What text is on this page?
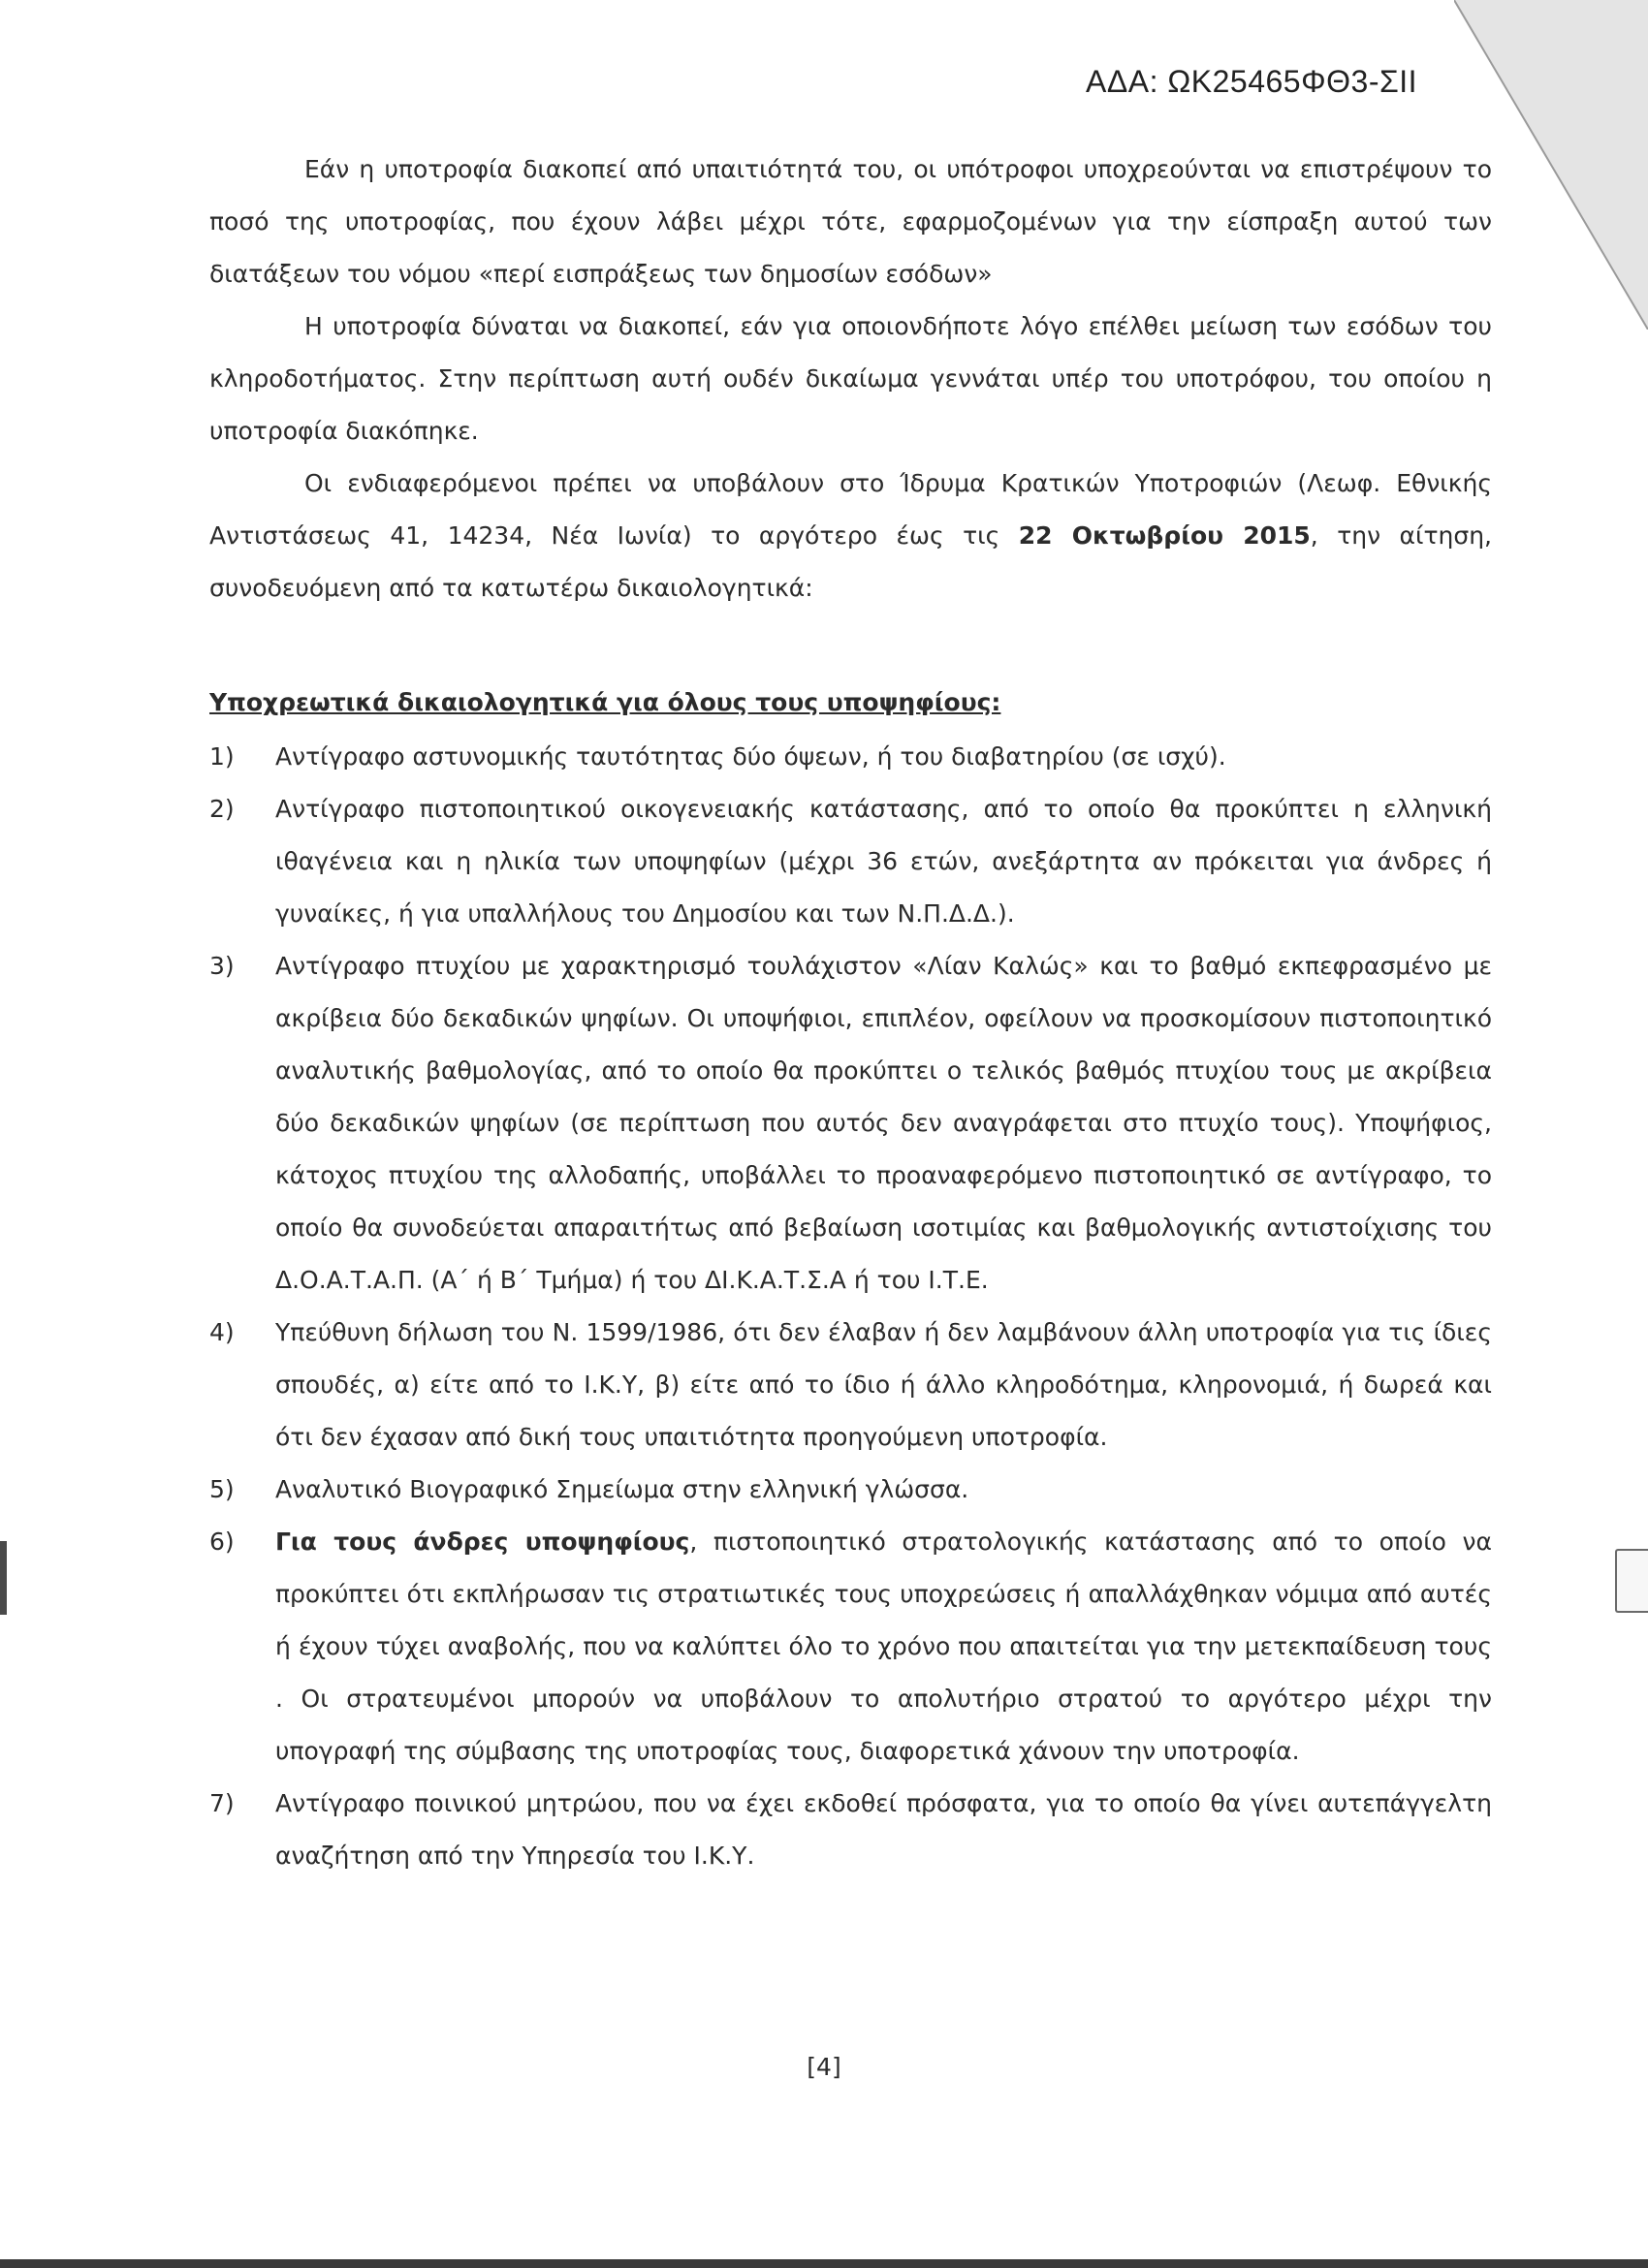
ΑΔΑ: ΩΚ25465ΦΘ3-ΣΙΙ

Εάν η υποτροφία διακοπεί από υπαιτιότητά του, οι υπότροφοι υποχρεούνται να επιστρέψουν το ποσό της υποτροφίας, που έχουν λάβει μέχρι τότε, εφαρμοζομένων για την είσπραξη αυτού των διατάξεων του νόμου «περί εισπράξεως των δημοσίων εσόδων»

Η υποτροφία δύναται να διακοπεί, εάν για οποιονδήποτε λόγο επέλθει μείωση των εσόδων του κληροδοτήματος. Στην περίπτωση αυτή ουδέν δικαίωμα γεννάται υπέρ του υποτρόφου, του οποίου η υποτροφία διακόπηκε.

Οι ενδιαφερόμενοι πρέπει να υποβάλουν στο Ίδρυμα Κρατικών Υποτροφιών (Λεωφ. Εθνικής Αντιστάσεως 41, 14234, Νέα Ιωνία) το αργότερο έως τις 22 Οκτωβρίου 2015, την αίτηση, συνοδευόμενη από τα κατωτέρω δικαιολογητικά:

Υποχρεωτικά δικαιολογητικά για όλους τους υποψηφίους:

1)	Αντίγραφο αστυνομικής ταυτότητας δύο όψεων, ή του διαβατηρίου (σε ισχύ).
2)	Αντίγραφο πιστοποιητικού οικογενειακής κατάστασης, από το οποίο θα προκύπτει η ελληνική ιθαγένεια και η ηλικία των υποψηφίων (μέχρι 36 ετών, ανεξάρτητα αν πρόκειται για άνδρες ή γυναίκες, ή για υπαλλήλους του Δημοσίου και των Ν.Π.Δ.Δ.).
3)	Αντίγραφο πτυχίου με χαρακτηρισμό τουλάχιστον «Λίαν Καλώς» και το βαθμό εκπεφρασμένο με ακρίβεια δύο δεκαδικών ψηφίων. Οι υποψήφιοι, επιπλέον, οφείλουν να προσκομίσουν πιστοποιητικό αναλυτικής βαθμολογίας, από το οποίο θα προκύπτει ο τελικός βαθμός πτυχίου τους με ακρίβεια δύο δεκαδικών ψηφίων (σε περίπτωση που αυτός δεν αναγράφεται στο πτυχίο τους). Υποψήφιος, κάτοχος πτυχίου της αλλοδαπής, υποβάλλει το προαναφερόμενο πιστοποιητικό σε αντίγραφο, το οποίο θα συνοδεύεται απαραιτήτως από βεβαίωση ισοτιμίας και βαθμολογικής αντιστοίχισης του Δ.Ο.Α.Τ.Α.Π. (Α΄ ή Β΄ Τμήμα) ή του ΔΙ.Κ.Α.Τ.Σ.Α ή του Ι.Τ.Ε.
4)	Υπεύθυνη δήλωση του Ν. 1599/1986, ότι δεν έλαβαν ή δεν λαμβάνουν άλλη υποτροφία για τις ίδιες σπουδές, α) είτε από το Ι.Κ.Υ, β) είτε από το ίδιο ή άλλο κληροδότημα, κληρονομιά, ή δωρεά και ότι δεν έχασαν από δική τους υπαιτιότητα προηγούμενη υποτροφία.
5)	Αναλυτικό Βιογραφικό Σημείωμα στην ελληνική γλώσσα.
6)	Για τους άνδρες υποψηφίους, πιστοποιητικό στρατολογικής κατάστασης από το οποίο να προκύπτει ότι εκπλήρωσαν τις στρατιωτικές τους υποχρεώσεις ή απαλλάχθηκαν νόμιμα από αυτές ή έχουν τύχει αναβολής, που να καλύπτει όλο το χρόνο που απαιτείται για την μετεκπαίδευση τους . Οι στρατευμένοι μπορούν να υποβάλουν το απολυτήριο στρατού το αργότερο μέχρι την υπογραφή της σύμβασης της υποτροφίας τους, διαφορετικά χάνουν την υποτροφία.
7)	Αντίγραφο ποινικού μητρώου, που να έχει εκδοθεί πρόσφατα, για το οποίο θα γίνει αυτεπάγγελτη αναζήτηση από την Υπηρεσία του Ι.Κ.Υ.
[4]
